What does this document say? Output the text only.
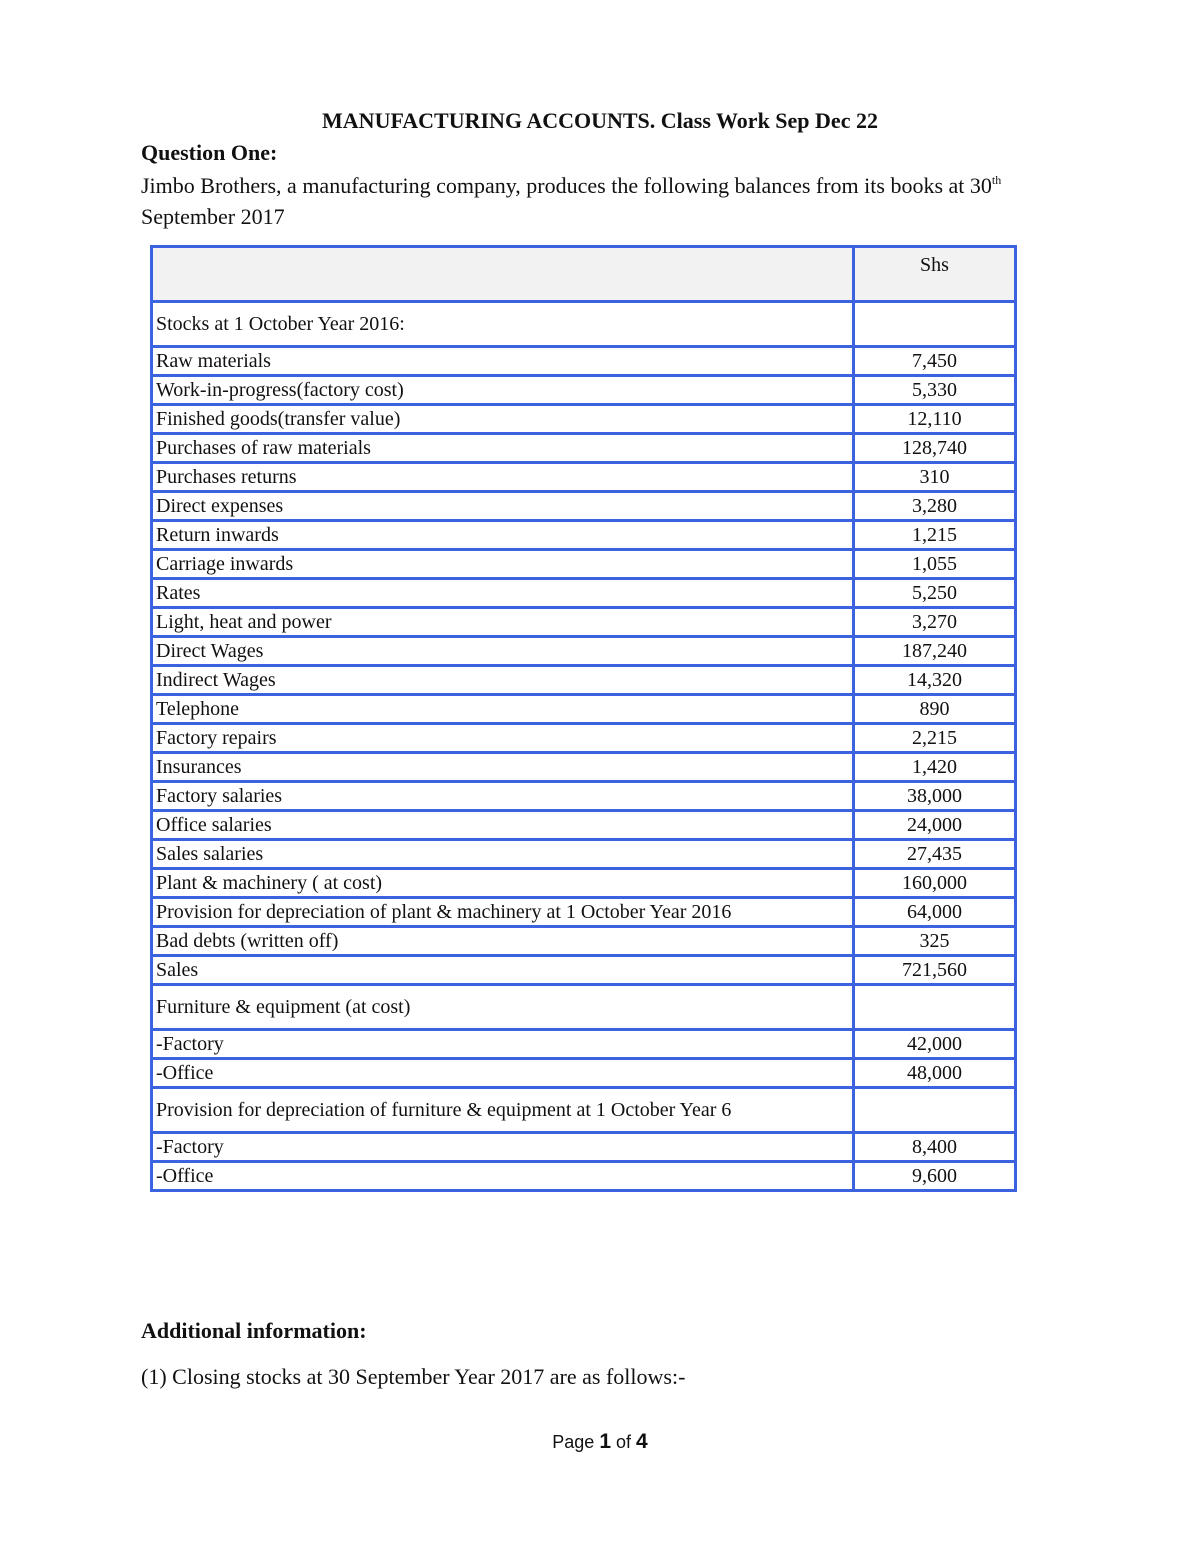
MANUFACTURING ACCOUNTS. Class Work Sep Dec 22
Question One:
Jimbo Brothers, a manufacturing company, produces the following balances from its books at 30th September 2017
	Shs
Stocks at 1 October Year 2016:	
Raw materials	7,450
Work-in-progress(factory cost)	5,330
Finished goods(transfer value)	12,110
Purchases of raw materials	128,740
Purchases returns	310
Direct expenses	3,280
Return inwards	1,215
Carriage inwards	1,055
Rates	5,250
Light, heat and power	3,270
Direct Wages	187,240
Indirect Wages	14,320
Telephone	890
Factory repairs	2,215
Insurances	1,420
Factory salaries	38,000
Office salaries	24,000
Sales salaries	27,435
Plant & machinery ( at cost)	160,000
Provision for depreciation of plant & machinery at 1 October Year 2016	64,000
Bad debts (written off)	325
Sales	721,560
Furniture & equipment (at cost)	
-Factory	42,000
-Office	48,000
Provision for depreciation of furniture & equipment at 1 October Year 6	
-Factory	8,400
-Office	9,600
Additional information:
(1) Closing stocks at 30 September Year 2017 are as follows:-
Page 1 of 4
